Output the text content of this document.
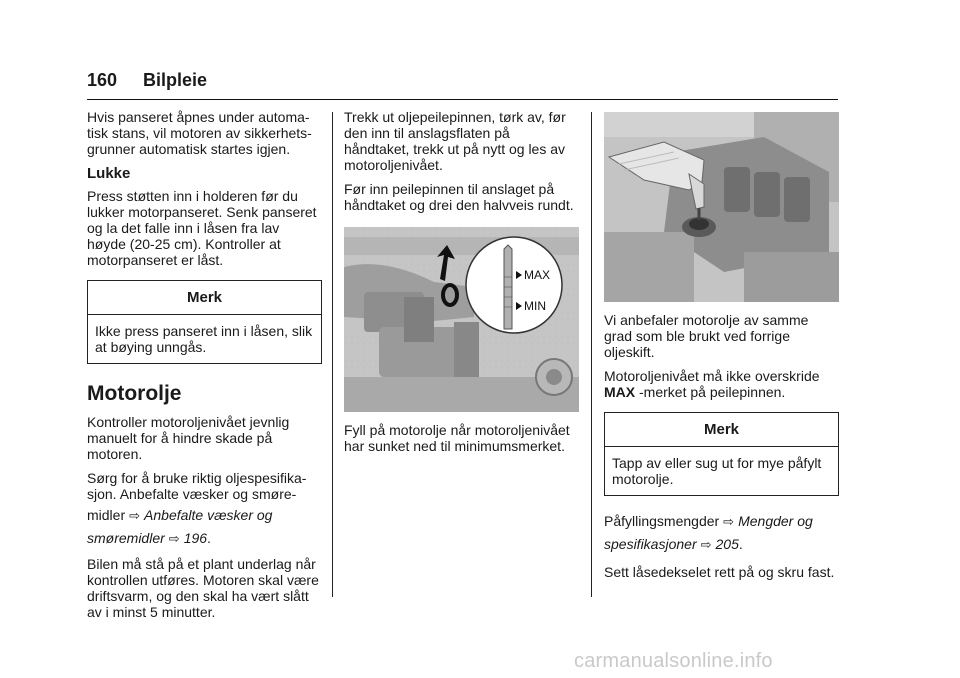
160 Bilpleie

Hvis panseret åpnes under automa-tisk stans, vil motoren av sikkerhets-grunner automatisk startes igjen.

Lukke

Press støtten inn i holderen før du lukker motorpanseret. Senk panseret og la det falle inn i låsen fra lav høyde (20-25 cm). Kontroller at motorpanseret er låst.

Merk
Ikke press panseret inn i låsen, slik at bøying unngås.
Motorolje

Kontroller motoroljenivået jevnlig manuelt for å hindre skade på motoren.

Sørg for å bruke riktig oljespesifika-sjon. Anbefalte væsker og smøre-

midler ⇨ Anbefalte væsker og
smøremidler ⇨ 196.

Bilen må stå på et plant underlag når kontrollen utføres. Motoren skal være driftsvarm, og den skal ha vært slått av i minst 5 minutter.

Trekk ut oljepeilepinnen, tørk av, før den inn til anslagsflaten på håndtaket, trekk ut på nytt og les av motoroljenivået.

Før inn peilepinnen til anslaget på håndtaket og drei den halvveis rundt.

MAX
MIN

Fyll på motorolje når motoroljenivået har sunket ned til minimumsmerket.

Vi anbefaler motorolje av samme grad som ble brukt ved forrige oljeskift.

Motoroljenivået må ikke overskride
MAX -merket på peilepinnen.

Merk
Tapp av eller sug ut for mye påfylt motorolje.
Påfyllingsmengder ⇨ Mengder og
spesifikasjoner ⇨ 205.

Sett låsedekselet rett på og skru fast.

carmanualsonline.info
